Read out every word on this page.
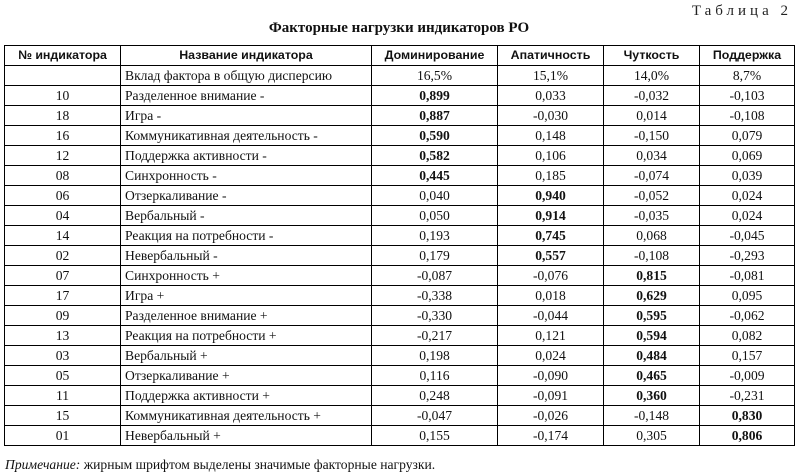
Таблица 2
Факторные нагрузки индикаторов РО
№ индикатора	Название индикатора	Доминирование	Апатичность	Чуткость	Поддержка
	Вклад фактора в общую дисперсию	16,5%	15,1%	14,0%	8,7%
10	Разделенное внимание -	0,899	0,033	-0,032	-0,103
18	Игра -	0,887	-0,030	0,014	-0,108
16	Коммуникативная деятельность -	0,590	0,148	-0,150	0,079
12	Поддержка активности -	0,582	0,106	0,034	0,069
08	Синхронность -	0,445	0,185	-0,074	0,039
06	Отзеркаливание -	0,040	0,940	-0,052	0,024
04	Вербальный -	0,050	0,914	-0,035	0,024
14	Реакция на потребности -	0,193	0,745	0,068	-0,045
02	Невербальный -	0,179	0,557	-0,108	-0,293
07	Синхронность +	-0,087	-0,076	0,815	-0,081
17	Игра +	-0,338	0,018	0,629	0,095
09	Разделенное внимание +	-0,330	-0,044	0,595	-0,062
13	Реакция на потребности +	-0,217	0,121	0,594	0,082
03	Вербальный +	0,198	0,024	0,484	0,157
05	Отзеркаливание +	0,116	-0,090	0,465	-0,009
11	Поддержка активности +	0,248	-0,091	0,360	-0,231
15	Коммуникативная деятельность +	-0,047	-0,026	-0,148	0,830
01	Невербальный +	0,155	-0,174	0,305	0,806
Примечание: жирным шрифтом выделены значимые факторные нагрузки.
